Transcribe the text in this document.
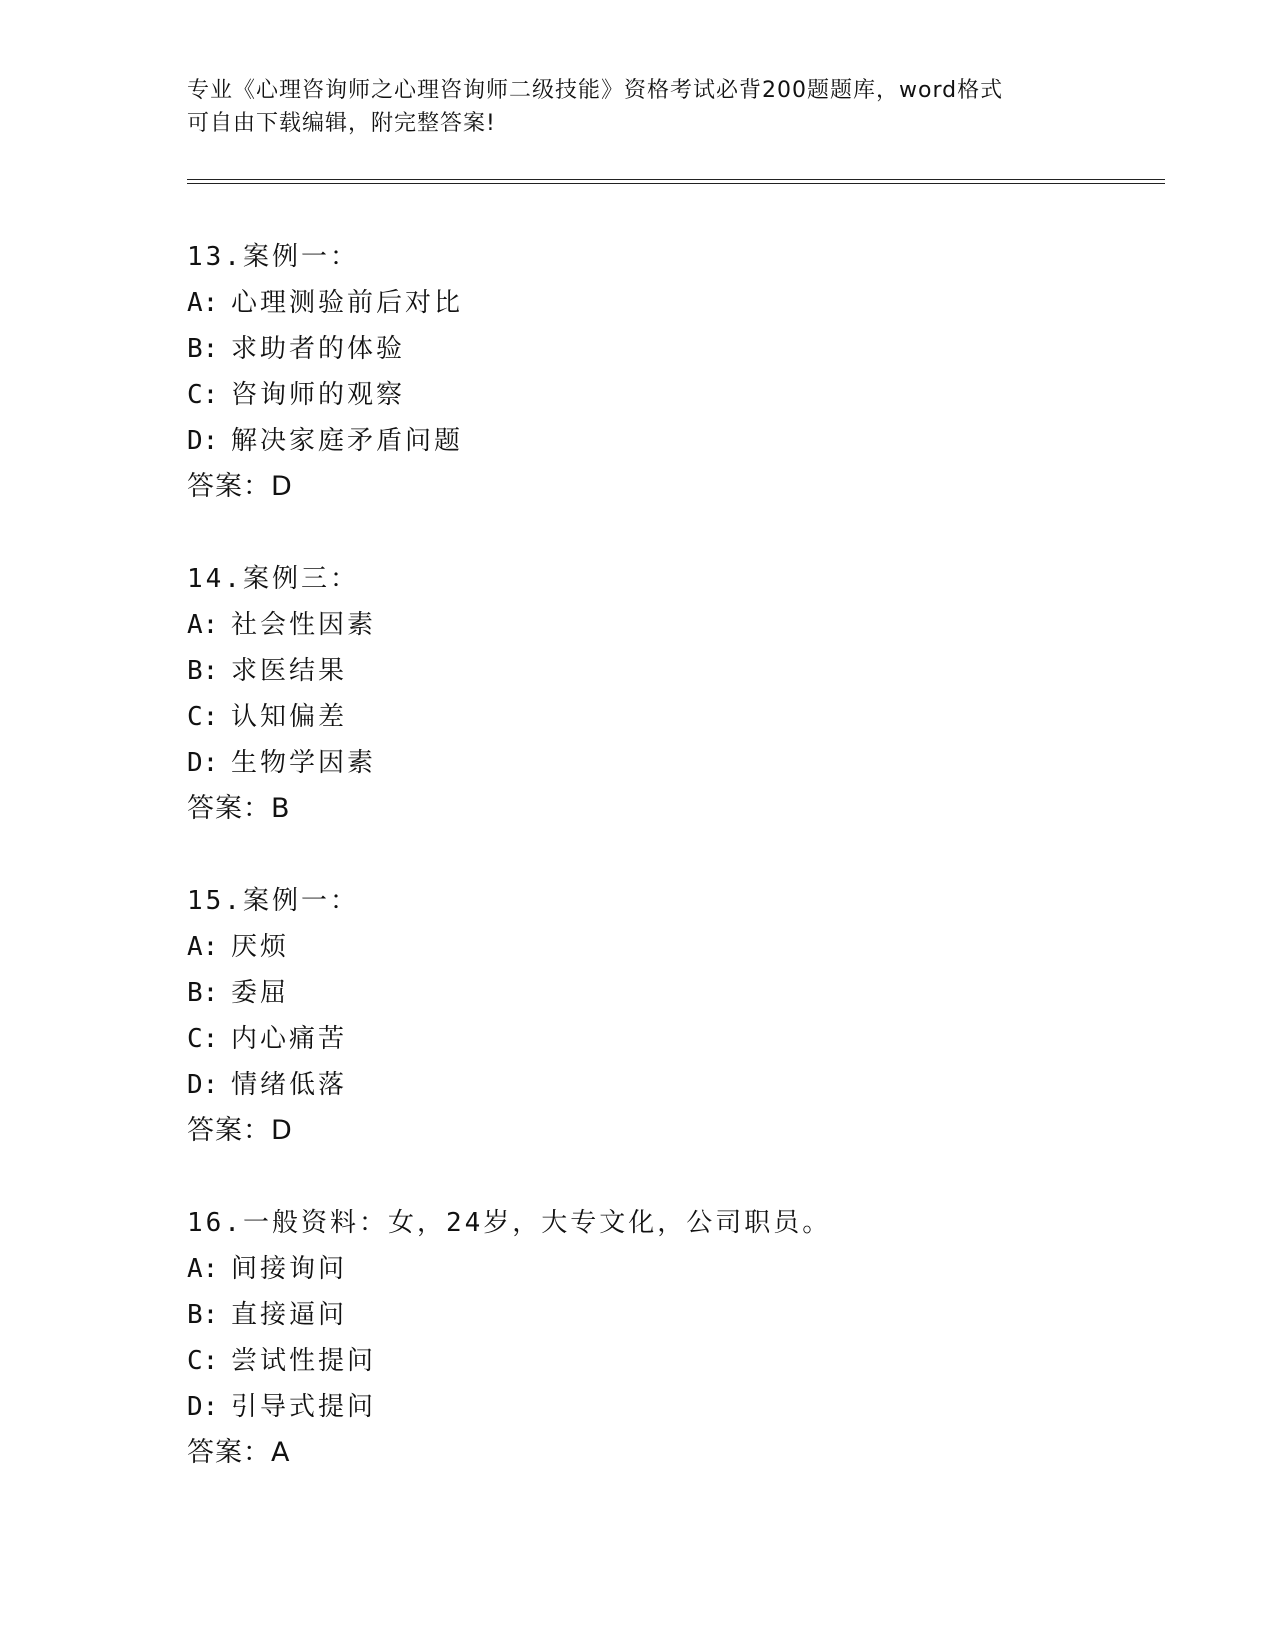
专业《心理咨询师之心理咨询师二级技能》资格考试必背200题题库，word格式
可自由下载编辑，附完整答案!
13.案例一：
A: 心理测验前后对比
B: 求助者的体验
C: 咨询师的观察
D: 解决家庭矛盾问题
答案：D
14.案例三：
A: 社会性因素
B: 求医结果
C: 认知偏差
D: 生物学因素
答案：B
15.案例一：
A: 厌烦
B: 委屈
C: 内心痛苦
D: 情绪低落
答案：D
16.一般资料：女，24岁，大专文化，公司职员。
A: 间接询问
B: 直接逼问
C: 尝试性提问
D: 引导式提问
答案：A
